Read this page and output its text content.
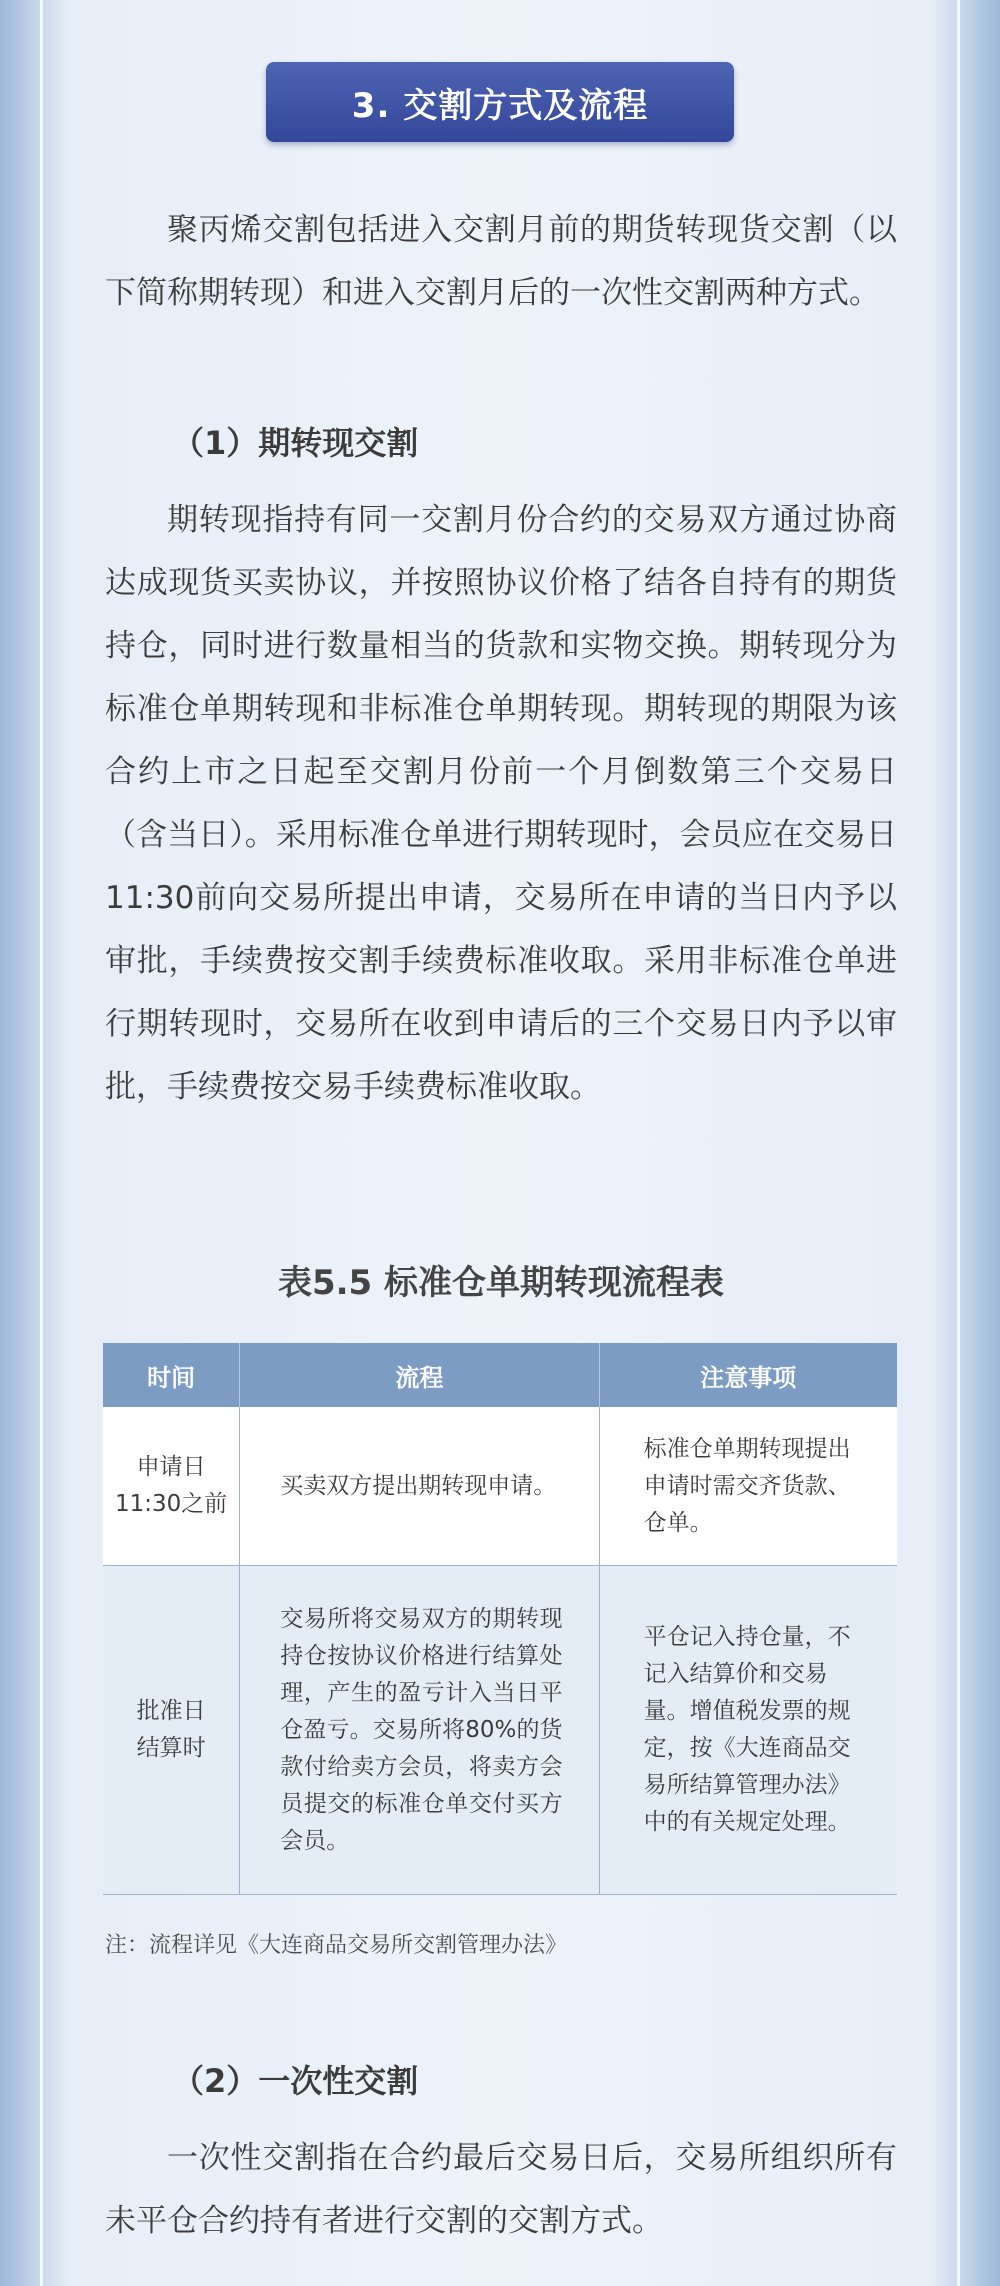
3. 交割方式及流程

聚丙烯交割包括进入交割月前的期货转现货交割（以下简称期转现）和进入交割月后的一次性交割两种方式。

（1）期转现交割

期转现指持有同一交割月份合约的交易双方通过协商达成现货买卖协议，并按照协议价格了结各自持有的期货持仓，同时进行数量相当的货款和实物交换。期转现分为标准仓单期转现和非标准仓单期转现。期转现的期限为该合约上市之日起至交割月份前一个月倒数第三个交易日（含当日）。采用标准仓单进行期转现时，会员应在交易日11:30前向交易所提出申请，交易所在申请的当日内予以审批，手续费按交割手续费标准收取。采用非标准仓单进行期转现时，交易所在收到申请后的三个交易日内予以审批，手续费按交易手续费标准收取。

表5.5 标准仓单期转现流程表
时间	流程	注意事项

申请日
11:30之前	买卖双方提出期转现申请。	标准仓单期转现提出申请时需交齐货款、仓单。

批准日
结算时	交易所将交易双方的期转现持仓按协议价格进行结算处理，产生的盈亏计入当日平仓盈亏。交易所将80%的货款付给卖方会员，将卖方会员提交的标准仓单交付买方会员。	平仓记入持仓量，不记入结算价和交易量。增值税发票的规定，按《大连商品交易所结算管理办法》中的有关规定处理。
注：流程详见《大连商品交易所交割管理办法》
（2）一次性交割

一次性交割指在合约最后交易日后，交易所组织所有未平仓合约持有者进行交割的交割方式。
